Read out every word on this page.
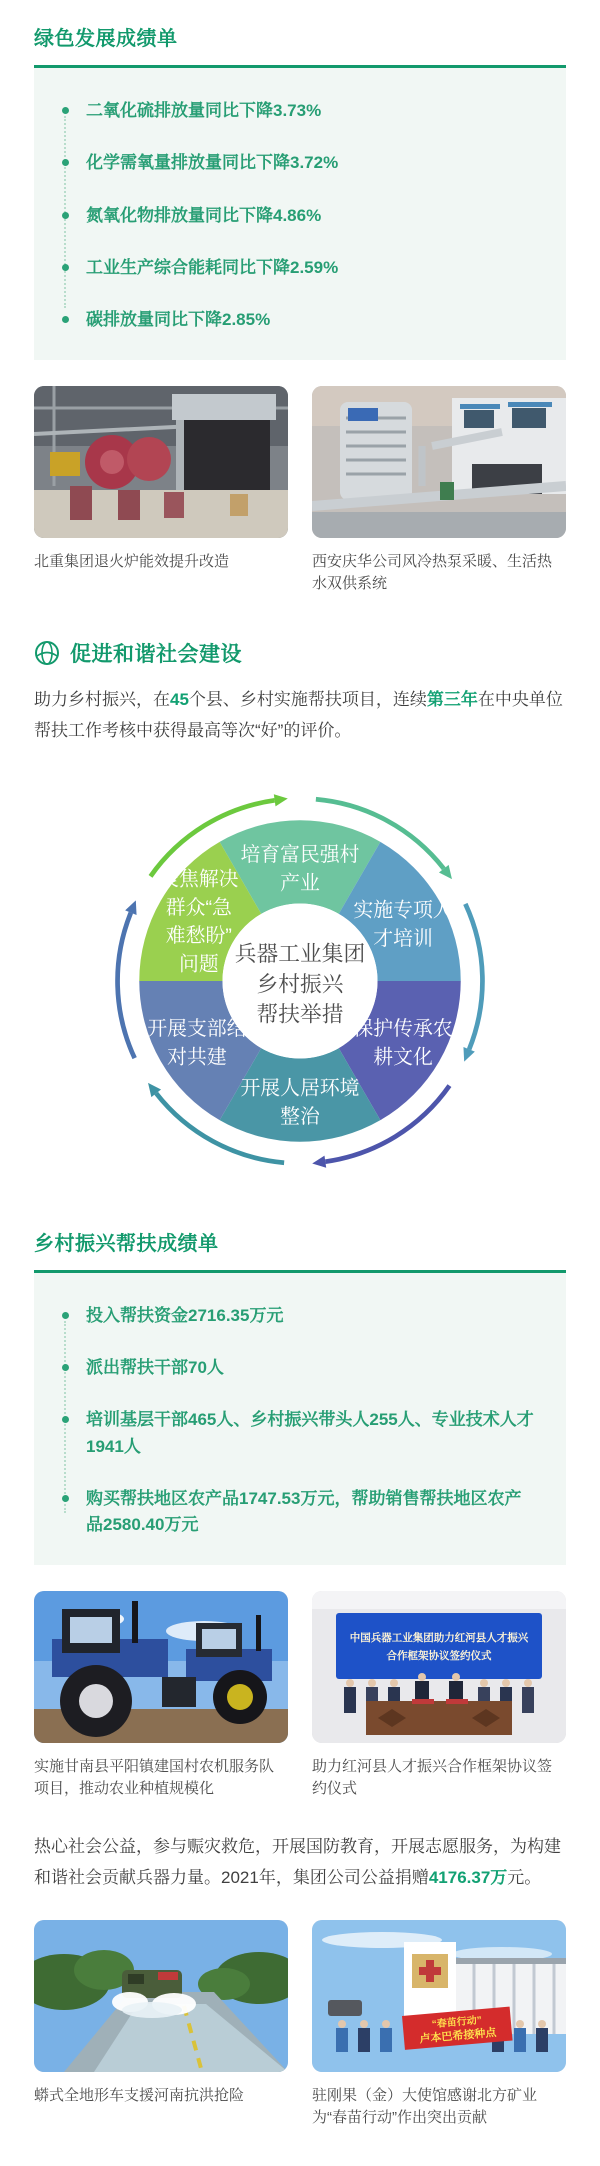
绿色发展成绩单
二氧化硫排放量同比下降3.73%
化学需氧量排放量同比下降3.72%
氮氧化物排放量同比下降4.86%
工业生产综合能耗同比下降2.59%
碳排放量同比下降2.85%
北重集团退火炉能效提升改造	西安庆华公司风冷热泵采暖、生活热水双供系统
促进和谐社会建设

助力乡村振兴，在45个县、乡村实施帮扶项目，连续第三年在中央单位帮扶工作考核中获得最高等次“好”的评价。

培育富民强村
产业
实施专项人
才培训
保护传承农
耕文化
开展人居环境
整治
开展支部结
对共建
聚焦解决
群众“急
难愁盼”
问题 兵器工业集团
乡村振兴
帮扶举措
乡村振兴帮扶成绩单
投入帮扶资金2716.35万元
派出帮扶干部70人
培训基层干部465人、乡村振兴带头人255人、专业技术人才1941人
购买帮扶地区农产品1747.53万元，帮助销售帮扶地区农产品2580.40万元
实施甘南县平阳镇建国村农机服务队项目，推动农业种植规模化
中国兵器工业集团助力红河县人才振兴
合作框架协议签约仪式
助力红河县人才振兴合作框架协议签约仪式

热心社会公益，参与赈灾救危，开展国防教育，开展志愿服务，为构建和谐社会贡献兵器力量。2021年，集团公司公益捐赠4176.37万元。

蟒式全地形车支援河南抗洪抢险
“春苗行动”
卢本巴希接种点
驻刚果（金）大使馆感谢北方矿业为“春苗行动”作出突出贡献
